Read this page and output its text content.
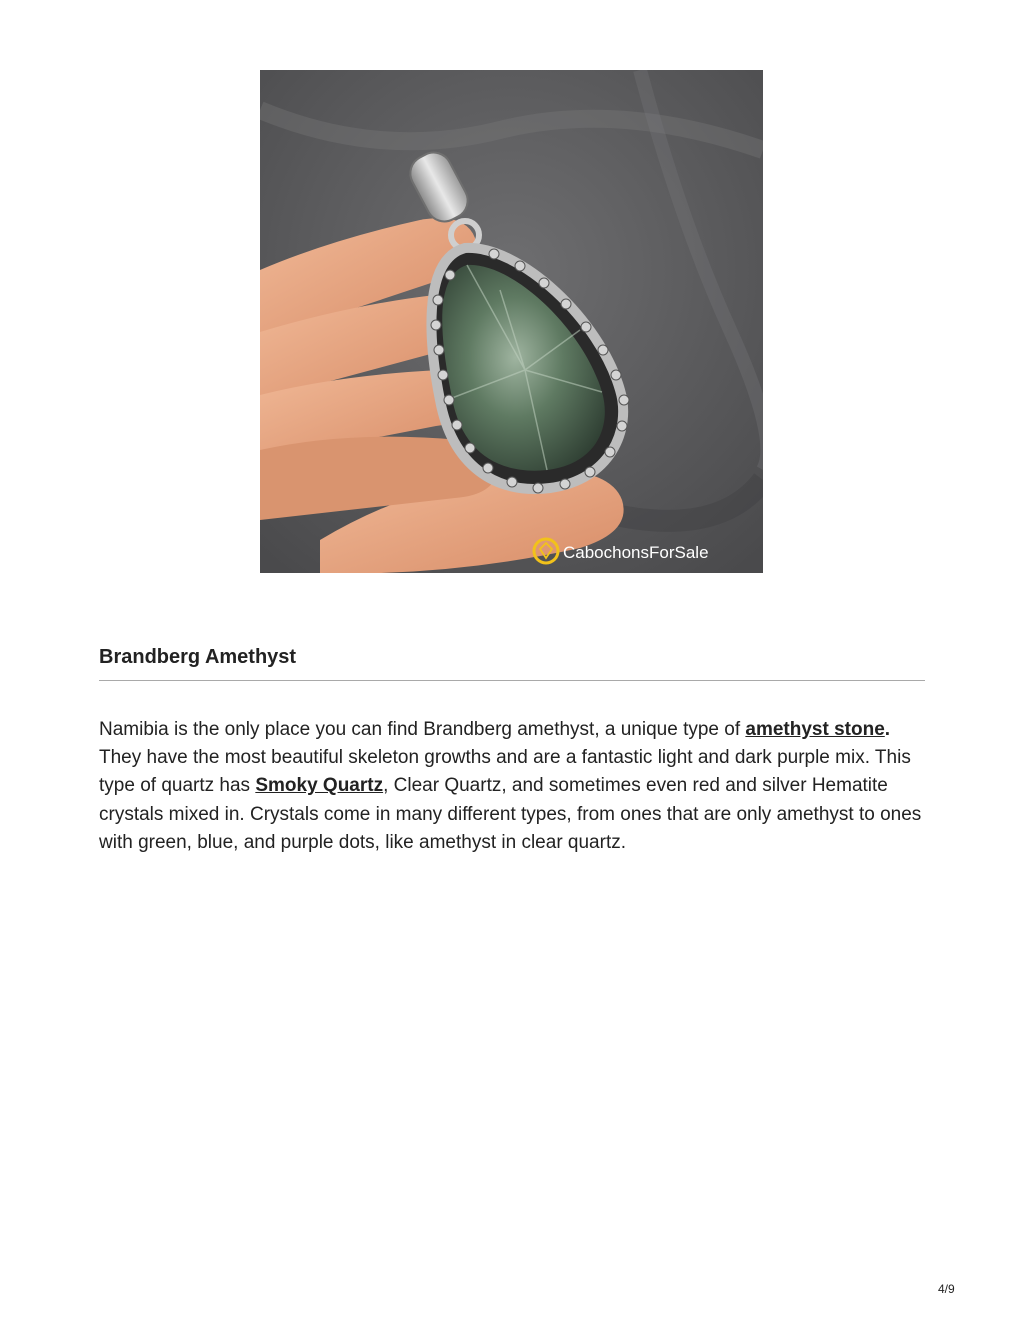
CabochonsForSale
Brandberg Amethyst

Namibia is the only place you can find Brandberg amethyst, a unique type of amethyst stone. They have the most beautiful skeleton growths and are a fantastic light and dark purple mix. This type of quartz has Smoky Quartz, Clear Quartz, and sometimes even red and silver Hematite crystals mixed in. Crystals come in many different types, from ones that are only amethyst to ones with green, blue, and purple dots, like amethyst in clear quartz.

4/9
